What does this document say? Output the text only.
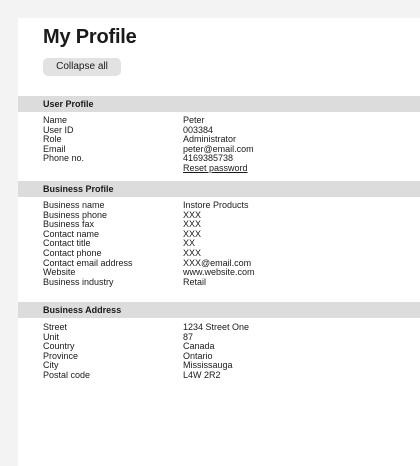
My Profile
Collapse all
User Profile
Name	Peter
User ID	003384
Role	Administrator
Email	peter@email.com
Phone no.	4169385738
Reset password
Business Profile
Business name	Instore Products
Business phone	XXX
Business fax	XXX
Contact name	XXX
Contact title	XX
Contact phone	XXX
Contact email address	XXX@email.com
Website	www.website.com
Business industry	Retail
Business Address
Street	1234 Street One
Unit	87
Country	Canada
Province	Ontario
City	Mississauga
Postal code	L4W 2R2
